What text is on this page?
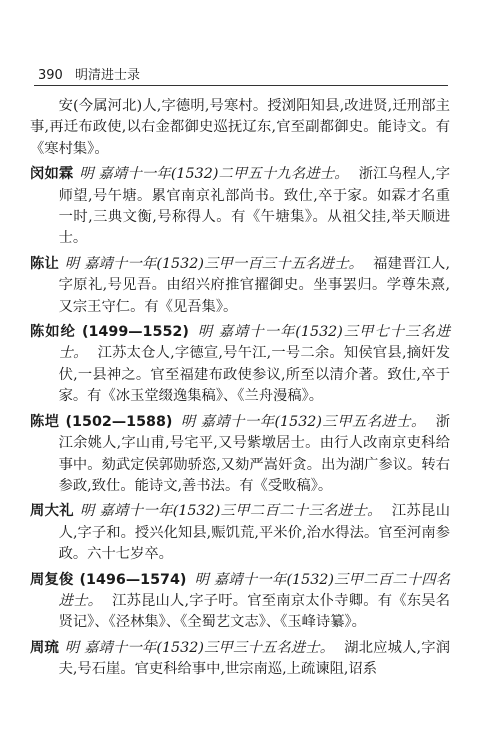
390 明清进士录

安(今属河北)人,字德明,号寒村。授浏阳知县,改进贤,迁刑部主事,再迁布政使,以右金都御史巡抚辽东,官至副都御史。能诗文。有《寒村集》。

闵如霖 明 嘉靖十一年(1532)二甲五十九名进士。 浙江乌程人,字师望,号午塘。累官南京礼部尚书。致仕,卒于家。如霖才名重一时,三典文衡,号称得人。有《午塘集》。从祖父挂,举天顺进士。

陈让 明 嘉靖十一年(1532)三甲一百三十五名进士。 福建晋江人,字原礼,号见吾。由绍兴府推官擢御史。坐事罢归。学尊朱熹,又宗王守仁。有《见吾集》。

陈如纶 (1499—1552) 明 嘉靖十一年(1532)三甲七十三名进士。 江苏太仓人,字德宣,号午江,一号二余。知侯官县,摘奸发伏,一县神之。官至福建布政使参议,所至以清介著。致仕,卒于家。有《冰玉堂缀逸集稿》、《兰舟漫稿》。

陈垲 (1502—1588) 明 嘉靖十一年(1532)三甲五名进士。 浙江余姚人,字山甫,号宅平,又号紫墩居士。由行人改南京吏科给事中。劾武定侯郭勋骄恣,又劾严嵩奸贪。出为湖广参议。转右参政,致仕。能诗文,善书法。有《受畋稿》。

周大礼 明 嘉靖十一年(1532)三甲二百二十三名进士。 江苏昆山人,字子和。授兴化知县,赈饥荒,平米价,治水得法。官至河南参政。六十七岁卒。

周复俊 (1496—1574) 明 嘉靖十一年(1532)三甲二百二十四名进士。 江苏昆山人,字子吁。官至南京太仆寺卿。有《东吴名贤记》、《泾林集》、《全蜀艺文志》、《玉峰诗纂》。

周琉 明 嘉靖十一年(1532)三甲三十五名进士。 湖北应城人,字润夫,号石崖。官吏科给事中,世宗南巡,上疏谏阻,诏系
